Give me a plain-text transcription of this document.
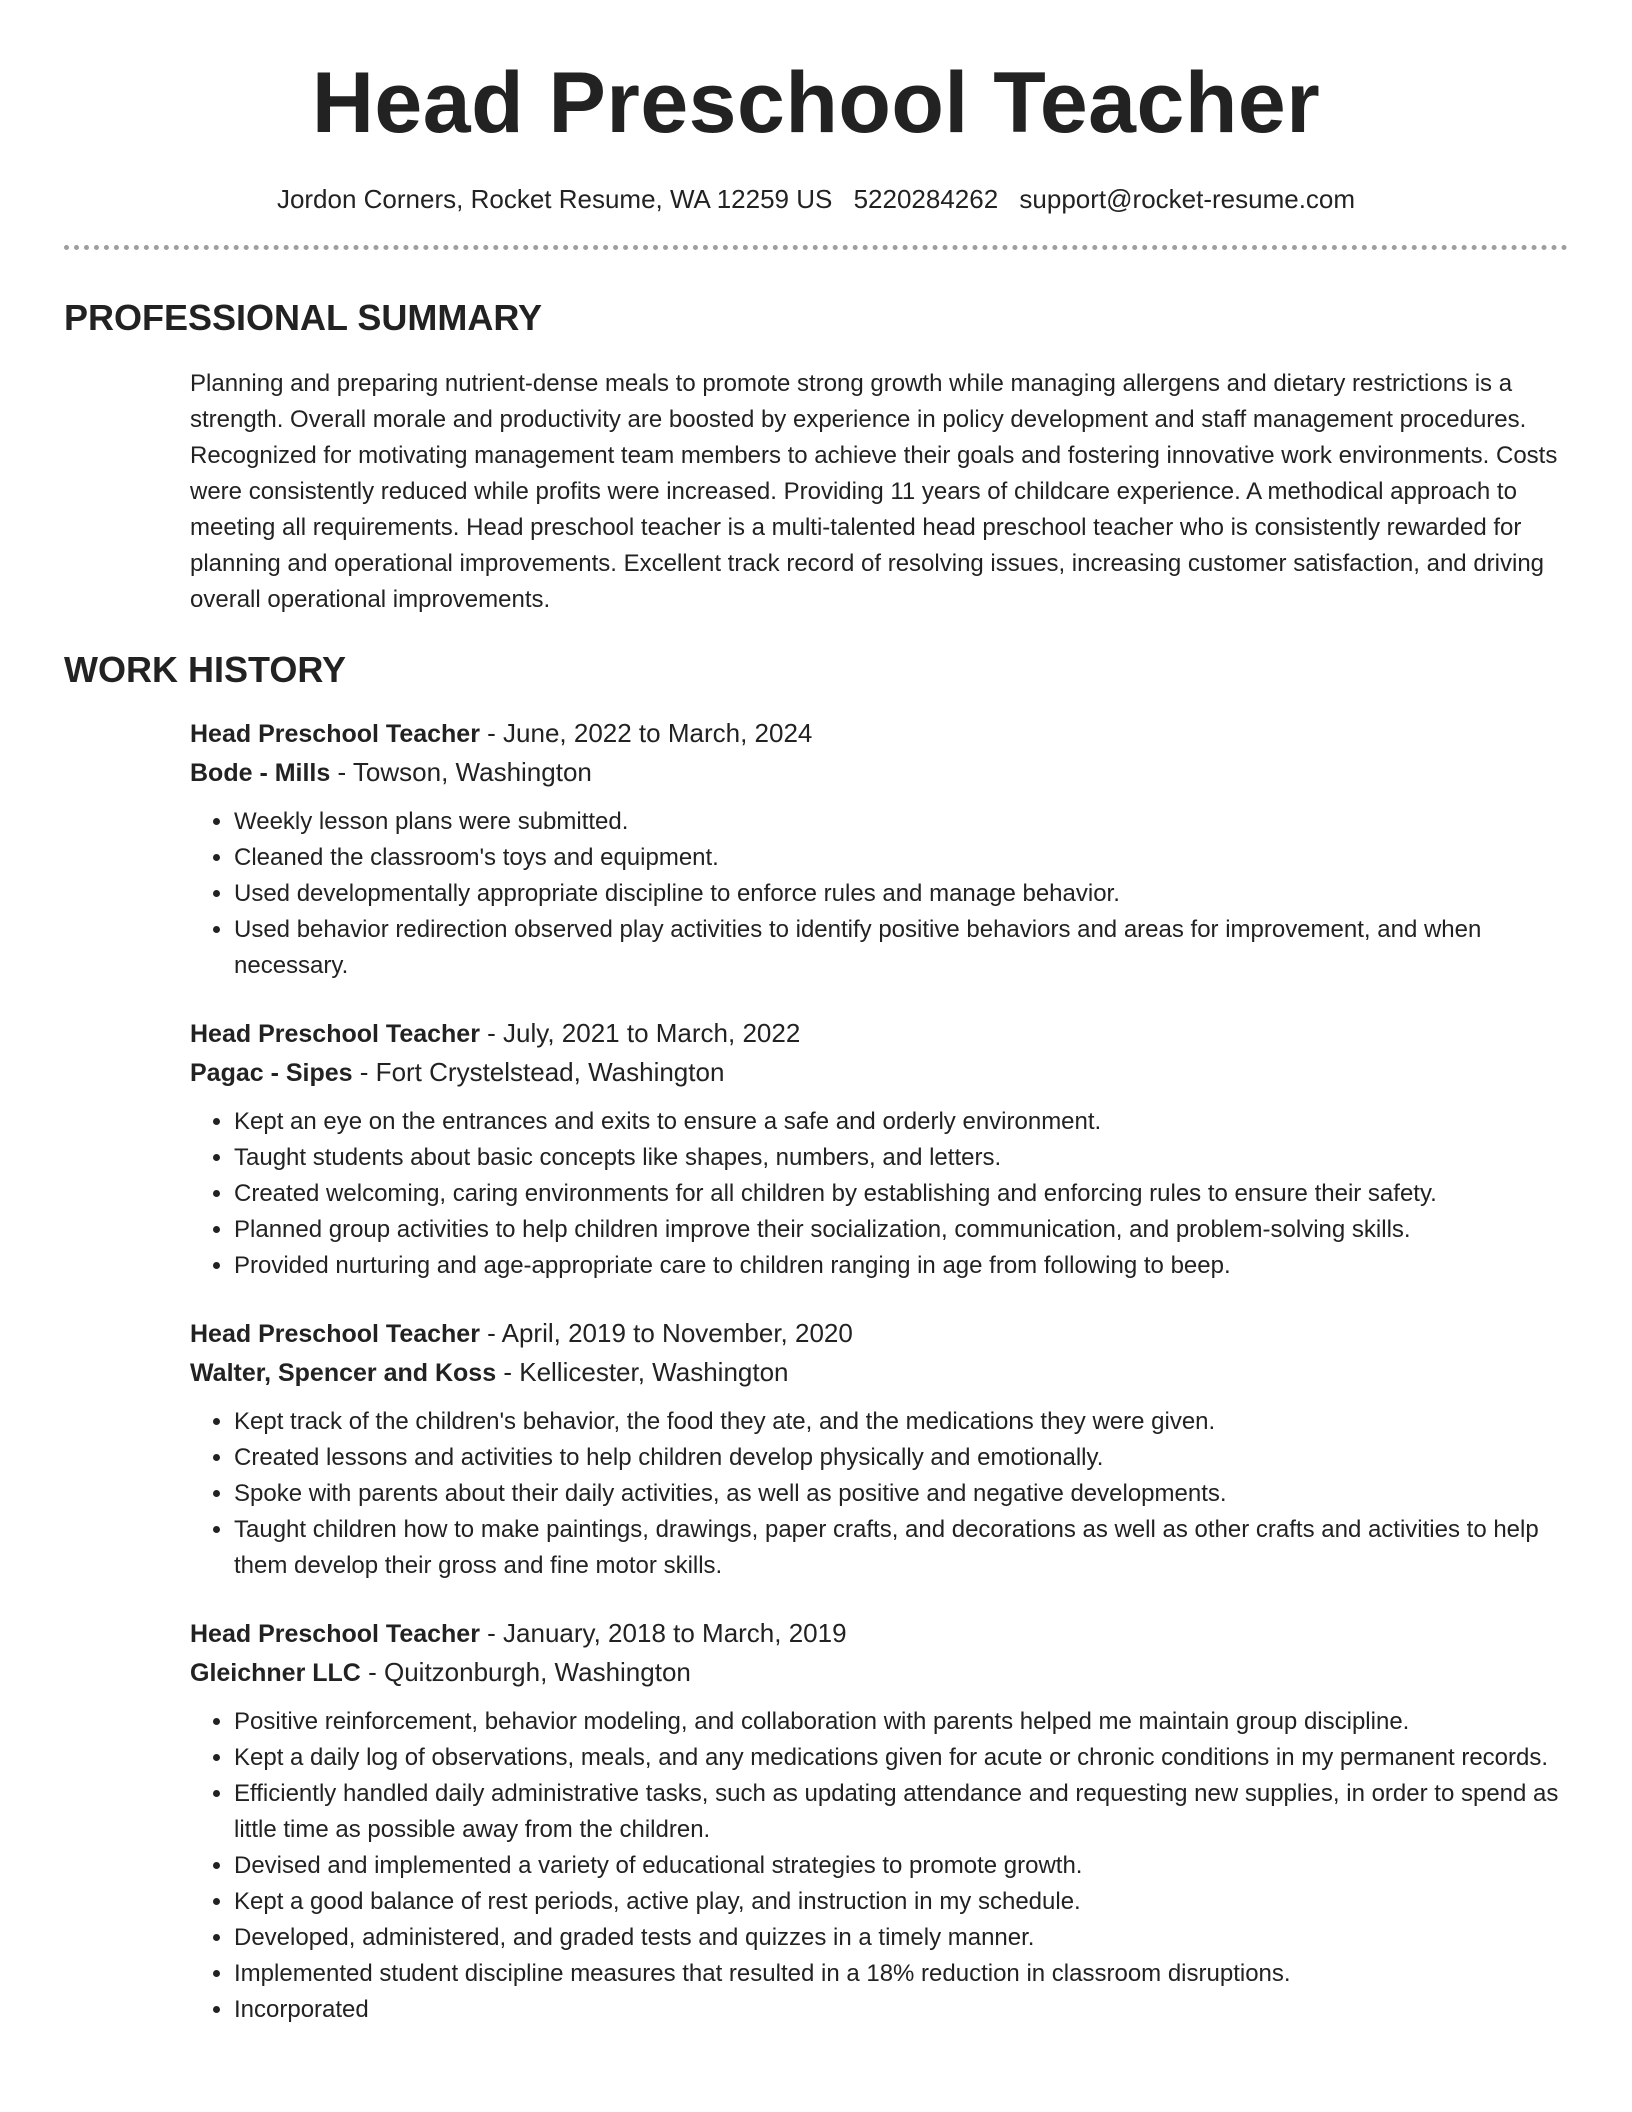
Head Preschool Teacher
Jordon Corners, Rocket Resume, WA 12259 US 5220284262 support@rocket-resume.com
PROFESSIONAL SUMMARY
Planning and preparing nutrient-dense meals to promote strong growth while managing allergens and dietary restrictions is a strength. Overall morale and productivity are boosted by experience in policy development and staff management procedures. Recognized for motivating management team members to achieve their goals and fostering innovative work environments. Costs were consistently reduced while profits were increased. Providing 11 years of childcare experience. A methodical approach to meeting all requirements. Head preschool teacher is a multi-talented head preschool teacher who is consistently rewarded for planning and operational improvements. Excellent track record of resolving issues, increasing customer satisfaction, and driving overall operational improvements.
WORK HISTORY
Head Preschool Teacher - June, 2022 to March, 2024
Bode - Mills - Towson, Washington
• Weekly lesson plans were submitted.
• Cleaned the classroom's toys and equipment.
• Used developmentally appropriate discipline to enforce rules and manage behavior.
• Used behavior redirection observed play activities to identify positive behaviors and areas for improvement, and when necessary.
Head Preschool Teacher - July, 2021 to March, 2022
Pagac - Sipes - Fort Crystelstead, Washington
• Kept an eye on the entrances and exits to ensure a safe and orderly environment.
• Taught students about basic concepts like shapes, numbers, and letters.
• Created welcoming, caring environments for all children by establishing and enforcing rules to ensure their safety.
• Planned group activities to help children improve their socialization, communication, and problem-solving skills.
• Provided nurturing and age-appropriate care to children ranging in age from following to beep.
Head Preschool Teacher - April, 2019 to November, 2020
Walter, Spencer and Koss - Kellicester, Washington
• Kept track of the children's behavior, the food they ate, and the medications they were given.
• Created lessons and activities to help children develop physically and emotionally.
• Spoke with parents about their daily activities, as well as positive and negative developments.
• Taught children how to make paintings, drawings, paper crafts, and decorations as well as other crafts and activities to help them develop their gross and fine motor skills.
Head Preschool Teacher - January, 2018 to March, 2019
Gleichner LLC - Quitzonburgh, Washington
• Positive reinforcement, behavior modeling, and collaboration with parents helped me maintain group discipline.
• Kept a daily log of observations, meals, and any medications given for acute or chronic conditions in my permanent records.
• Efficiently handled daily administrative tasks, such as updating attendance and requesting new supplies, in order to spend as little time as possible away from the children.
• Devised and implemented a variety of educational strategies to promote growth.
• Kept a good balance of rest periods, active play, and instruction in my schedule.
• Developed, administered, and graded tests and quizzes in a timely manner.
• Implemented student discipline measures that resulted in a 18% reduction in classroom disruptions.
• Incorporated
